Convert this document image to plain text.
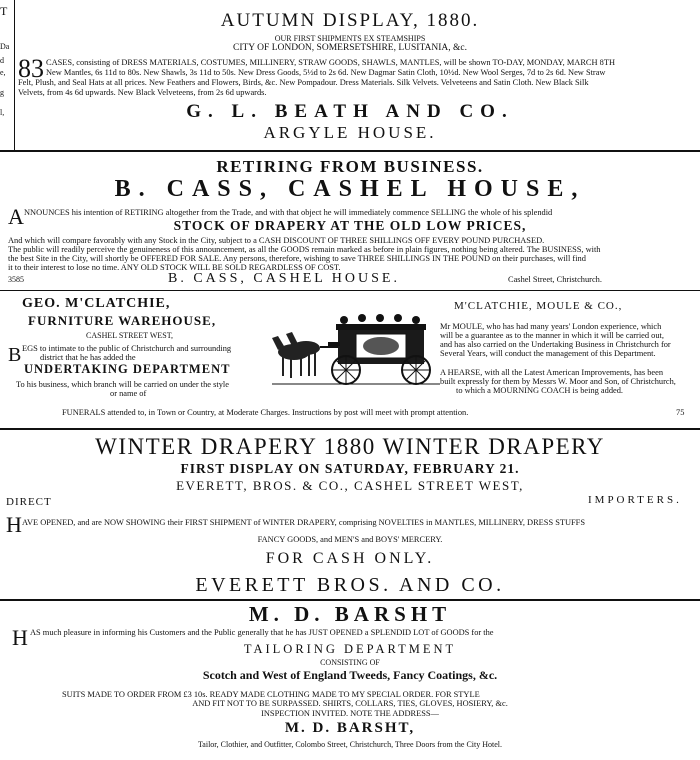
T
Da
d
e,
g
l,
AUTUMN DISPLAY, 1880.
OUR FIRST SHIPMENTS EX STEAMSHIPS
CITY OF LONDON, SOMERSETSHIRE, LUSITANIA, &c.
83 CASES, consisting of DRESS MATERIALS, COSTUMES, MILLINERY, STRAW GOODS, SHAWLS, MANTLES, will be shown TO-DAY, MONDAY, MARCH 8TH
New Mantles, 6s 11d to 80s. New Shawls, 3s 11d to 50s. New Dress Goods, 5½d to 2s 6d. New Dagmar Satin Cloth, 10½d. New Wool Serges, 7d to 2s 6d. New Straw
Felt, Plush, and Seal Hats at all prices. New Feathers and Flowers, Birds, &c. New Pompadour. Dress Materials. Silk Velvets. Velveteens and Satin Cloth. New Black Silk
Velvets, from 4s 6d upwards. New Black Velveteens, from 2s 6d upwards.
G. L. BEATH AND CO.
ARGYLE HOUSE.
RETIRING FROM BUSINESS.
B. CASS, CASHEL HOUSE,
A NNOUNCES his intention of RETIRING altogether from the Trade, and with that object he will immediately commence SELLING the whole of his splendid
STOCK OF DRAPERY AT THE OLD LOW PRICES,
And which will compare favorably with any Stock in the City, subject to a CASH DISCOUNT OF THREE SHILLINGS OFF EVERY POUND PURCHASED.
The public will readily perceive the genuineness of this announcement, as all the GOODS remain marked as before in plain figures, nothing being altered. The BUSINESS, with
the best Site in the City, will shortly be OFFERED FOR SALE. Any persons, therefore, wishing to save THREE SHILLINGS IN THE POUND on their purchases, will find
it to their interest to lose no time. ANY OLD STOCK WILL BE SOLD REGARDLESS OF COST.
3585	B. CASS, CASHEL HOUSE.	Cashel Street, Christchurch.
GEO. M'CLATCHIE,
FURNITURE WAREHOUSE,
CASHEL STREET WEST,
B EGS to intimate to the public of Christchurch and surrounding
district that he has added the
UNDERTAKING DEPARTMENT
To his business, which branch will be carried on under the style
or name of
M'CLATCHIE, MOULE & CO.,
Mr MOULE, who has had many years' London experience, which
will be a guarantee as to the manner in which it will be carried out,
and has also carried on the Undertaking Business in Christchurch for
Several Years, will conduct the management of this Department.
A HEARSE, with all the Latest American Improvements, has been
built expressly for them by Messrs W. Moor and Son, of Christchurch,
to which a MOURNING COACH is being added.
FUNERALS attended to, in Town or Country, at Moderate Charges. Instructions by post will meet with prompt attention.	75
WINTER DRAPERY 1880 WINTER DRAPERY
FIRST DISPLAY ON SATURDAY, FEBRUARY 21.
EVERETT, BROS. & CO., CASHEL STREET WEST,
DIRECT	IMPORTERS.
H AVE OPENED, and are NOW SHOWING their FIRST SHIPMENT of WINTER DRAPERY, comprising NOVELTIES in MANTLES, MILLINERY, DRESS STUFFS
FANCY GOODS, and MEN'S and BOYS' MERCERY.
FOR CASH ONLY.
EVERETT BROS. AND CO.
M. D. BARSHT
H AS much pleasure in informing his Customers and the Public generally that he has JUST OPENED a SPLENDID LOT of GOODS for the
TAILORING DEPARTMENT
CONSISTING OF
Scotch and West of England Tweeds, Fancy Coatings, &c.
SUITS MADE TO ORDER FROM £3 10s. READY MADE CLOTHING MADE TO MY SPECIAL ORDER. FOR STYLE
AND FIT NOT TO BE SURPASSED. SHIRTS, COLLARS, TIES, GLOVES, HOSIERY, &c.
INSPECTION INVITED. NOTE THE ADDRESS—
M. D. BARSHT,
Tailor, Clothier, and Outfitter, Colombo Street, Christchurch, Three Doors from the City Hotel.
